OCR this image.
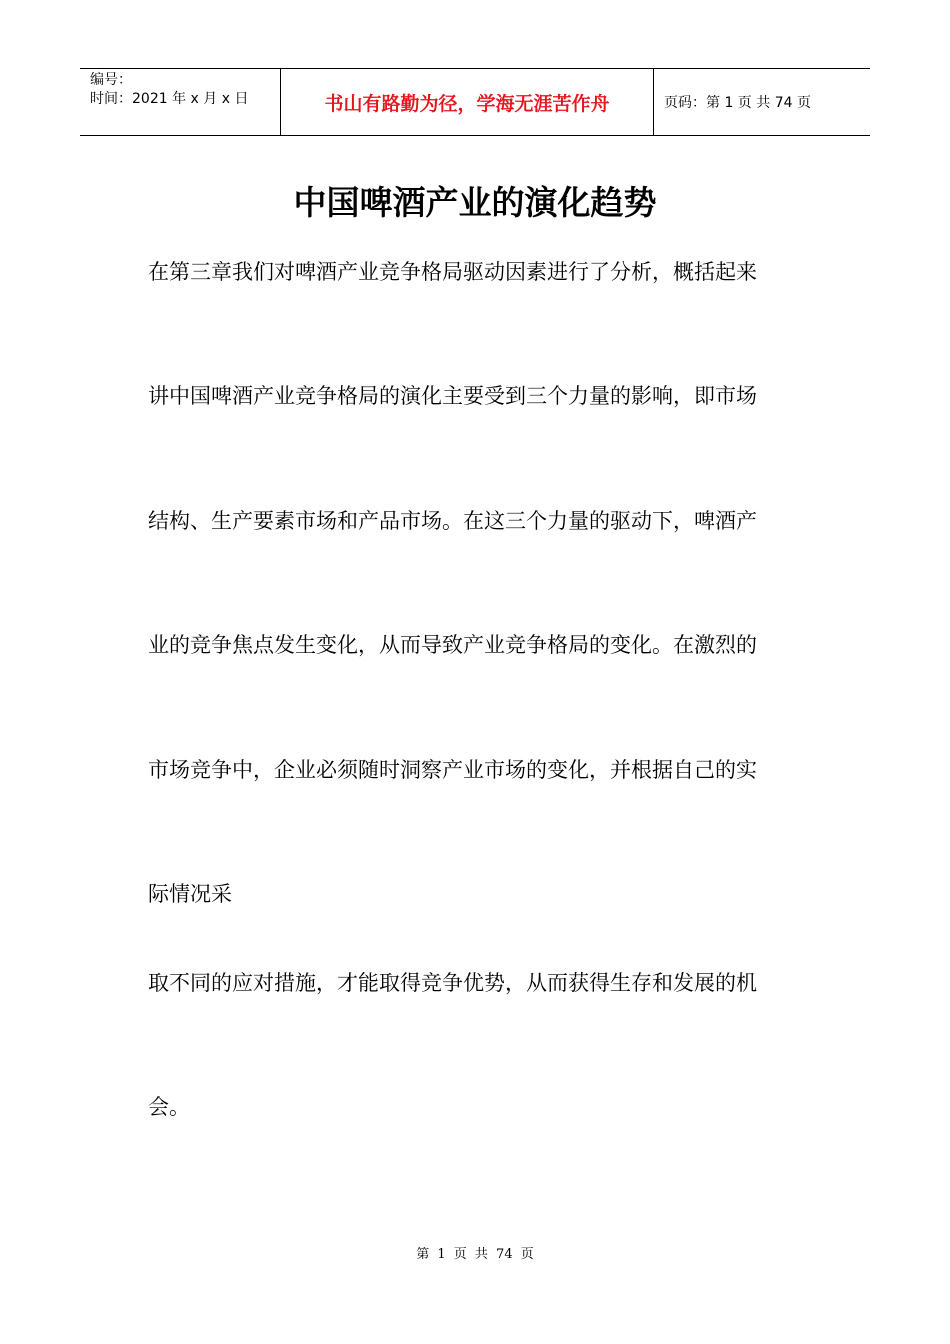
编号：
时间：2021 年 x 月 x 日	书山有路勤为径，学海无涯苦作舟	页码：第 1 页 共 74 页
中国啤酒产业的演化趋势
在第三章我们对啤酒产业竞争格局驱动因素进行了分析，概括起来
讲中国啤酒产业竞争格局的演化主要受到三个力量的影响，即市场
结构、生产要素市场和产品市场。在这三个力量的驱动下，啤酒产
业的竞争焦点发生变化，从而导致产业竞争格局的变化。在激烈的
市场竞争中，企业必须随时洞察产业市场的变化，并根据自己的实
际情况采
取不同的应对措施，才能取得竞争优势，从而获得生存和发展的机
会。
第 1 页 共 74 页
